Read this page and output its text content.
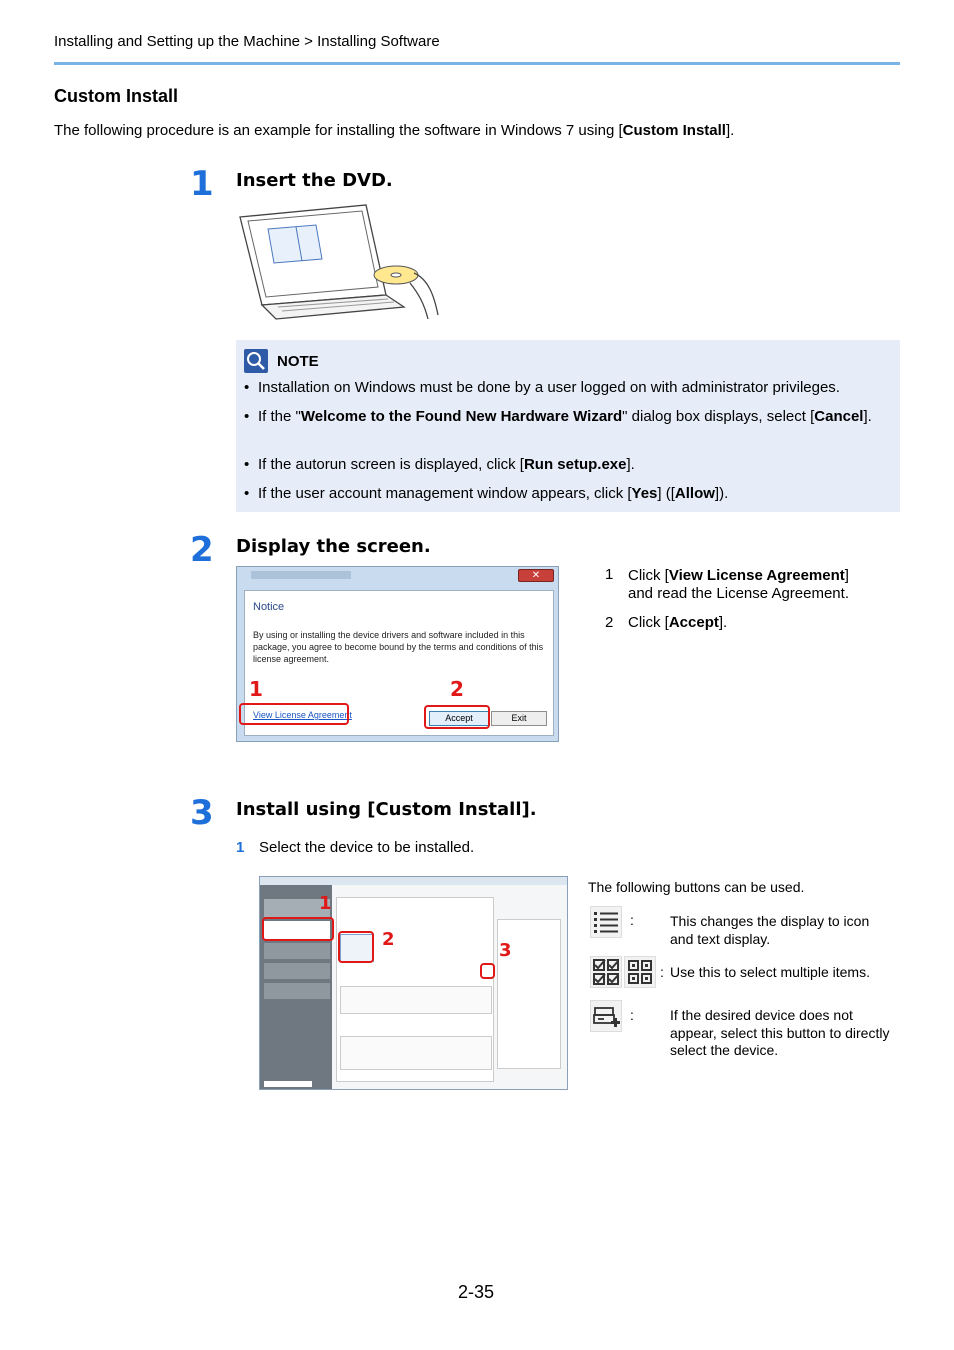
Installing and Setting up the Machine > Installing Software
Custom Install
The following procedure is an example for installing the software in Windows 7 using [Custom Install].
1 Insert the DVD.
NOTE
• Installation on Windows must be done by a user logged on with administrator privileges.
• If the "Welcome to the Found New Hardware Wizard" dialog box displays, select [Cancel].
• If the autorun screen is displayed, click [Run setup.exe].
• If the user account management window appears, click [Yes] ([Allow]).
2 Display the screen.
✕
Notice
By using or installing the device drivers and software included in this package, you agree to become bound by the terms and conditions of this license agreement.
View License Agreement	Accept	Exit
1	2
1 Click [View License Agreement]
and read the License Agreement.
2 Click [Accept].
3 Install using [Custom Install].
1 Select the device to be installed.
1
2
3
The following buttons can be used.
:	This changes the display to icon and text display.
: Use this to select multiple items.
:	If the desired device does not appear, select this button to directly select the device.
2-35
